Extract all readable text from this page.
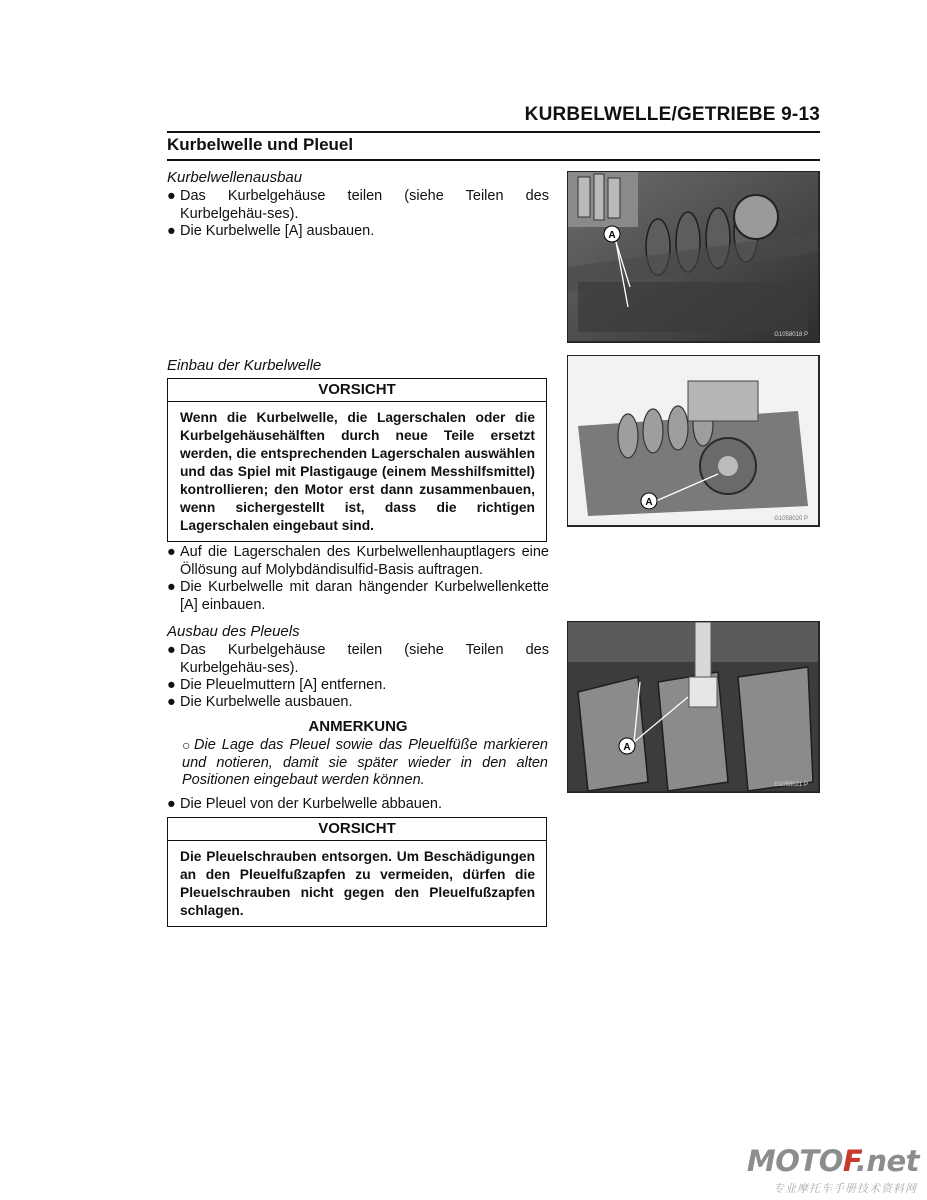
KURBELWELLE/GETRIEBE 9-13
Kurbelwelle und Pleuel
Kurbelwellenausbau
● Das Kurbelgehäuse teilen (siehe Teilen des Kurbelgehäu-ses).
● Die Kurbelwelle [A] ausbauen.
Einbau der Kurbelwelle
VORSICHT
Wenn die Kurbelwelle, die Lagerschalen oder die Kurbelgehäusehälften durch neue Teile ersetzt werden, die entsprechenden Lagerschalen auswählen und das Spiel mit Plastigauge (einem Messhilfsmittel) kontrollieren; den Motor erst dann zusammenbauen, wenn sichergestellt ist, dass die richtigen Lagerschalen eingebaut sind.
● Auf die Lagerschalen des Kurbelwellenhauptlagers eine Öllösung auf Molybdändisulfid-Basis auftragen.
● Die Kurbelwelle mit daran hängender Kurbelwellenkette [A] einbauen.
Ausbau des Pleuels
● Das Kurbelgehäuse teilen (siehe Teilen des Kurbelgehäu-ses).
● Die Pleuelmuttern [A] entfernen.
● Die Kurbelwelle ausbauen.
ANMERKUNG
○ Die Lage das Pleuel sowie das Pleuelfüße markieren und notieren, damit sie später wieder in den alten Positionen eingebaut werden können.
● Die Pleuel von der Kurbelwelle abbauen.
VORSICHT
Die Pleuelschrauben entsorgen. Um Beschädigungen an den Pleuelfußzapfen zu vermeiden, dürfen die Pleuelschrauben nicht gegen den Pleuelfußzapfen schlagen.
A
G1058018 P
A
G1058020 P
A
G1058021 P
MOTOF.net
专业摩托车手册技术资料网
